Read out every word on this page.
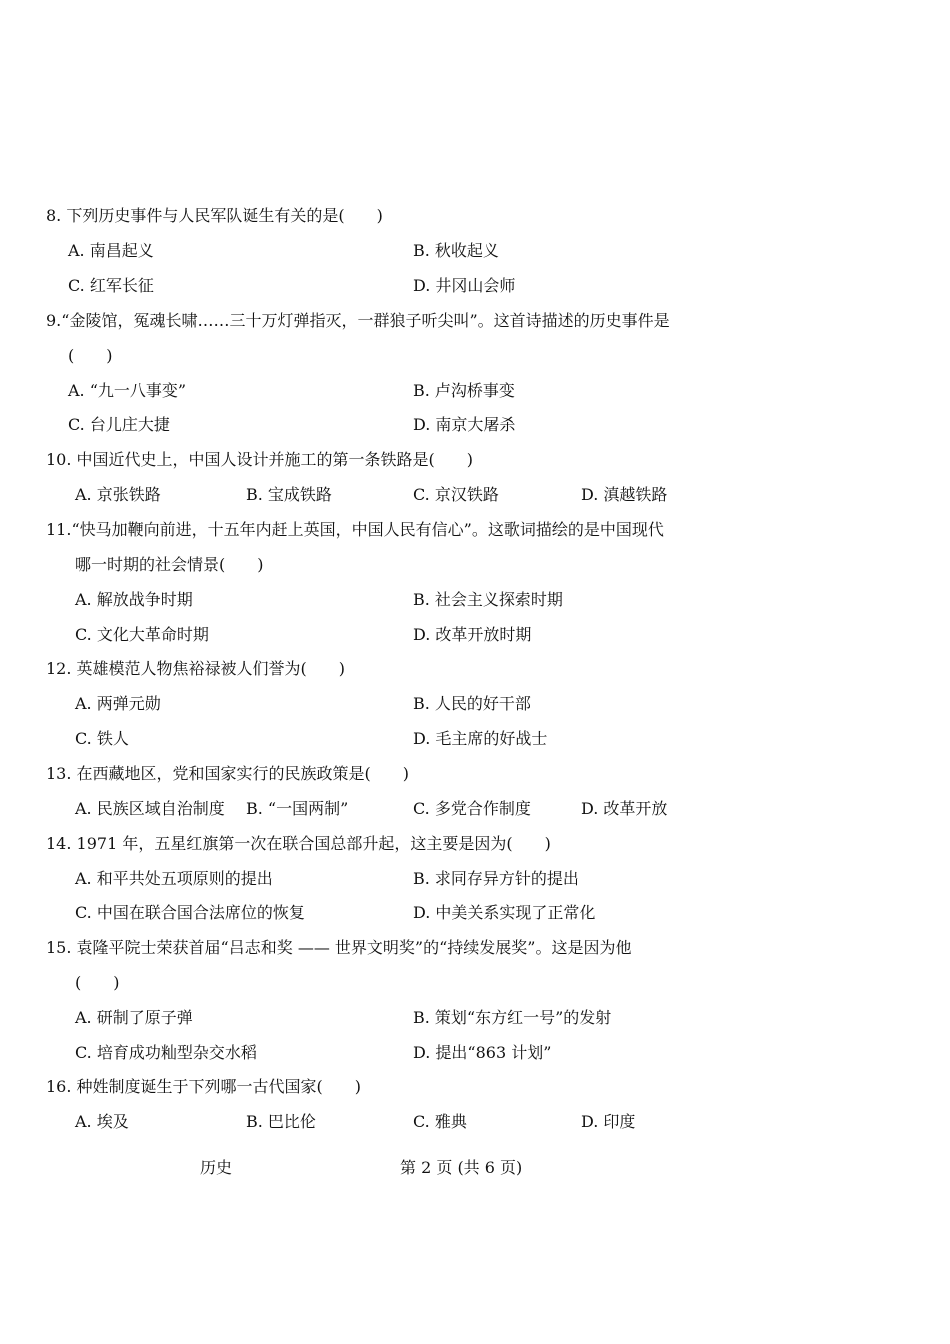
8. 下列历史事件与人民军队诞生有关的是(　　)
A. 南昌起义	B. 秋收起义
C. 红军长征	D. 井冈山会师
9.“金陵馆，冤魂长啸……三十万灯弹指灭，一群狼子听尖叫”。这首诗描述的历史事件是
(　　)
A. “九一八事变”	B. 卢沟桥事变
C. 台儿庄大捷	D. 南京大屠杀
10. 中国近代史上，中国人设计并施工的第一条铁路是(　　)
A. 京张铁路	B. 宝成铁路	C. 京汉铁路	D. 滇越铁路
11.“快马加鞭向前进，十五年内赶上英国，中国人民有信心”。这歌词描绘的是中国现代
哪一时期的社会情景(　　)
A. 解放战争时期	B. 社会主义探索时期
C. 文化大革命时期	D. 改革开放时期
12. 英雄模范人物焦裕禄被人们誉为(　　)
A. 两弹元勋	B. 人民的好干部
C. 铁人	D. 毛主席的好战士
13. 在西藏地区，党和国家实行的民族政策是(　　)
A. 民族区域自治制度 B. “一国两制”	C. 多党合作制度	D. 改革开放
14. 1971 年，五星红旗第一次在联合国总部升起，这主要是因为(　　)
A. 和平共处五项原则的提出	B. 求同存异方针的提出
C. 中国在联合国合法席位的恢复	D. 中美关系实现了正常化
15. 袁隆平院士荣获首届“吕志和奖 —— 世界文明奖”的“持续发展奖”。这是因为他
(　　)
A. 研制了原子弹	B. 策划“东方红一号”的发射
C. 培育成功籼型杂交水稻	D. 提出“863 计划”
16. 种姓制度诞生于下列哪一古代国家(　　)
A. 埃及	B. 巴比伦	C. 雅典	D. 印度
历史	第 2 页 (共 6 页)
